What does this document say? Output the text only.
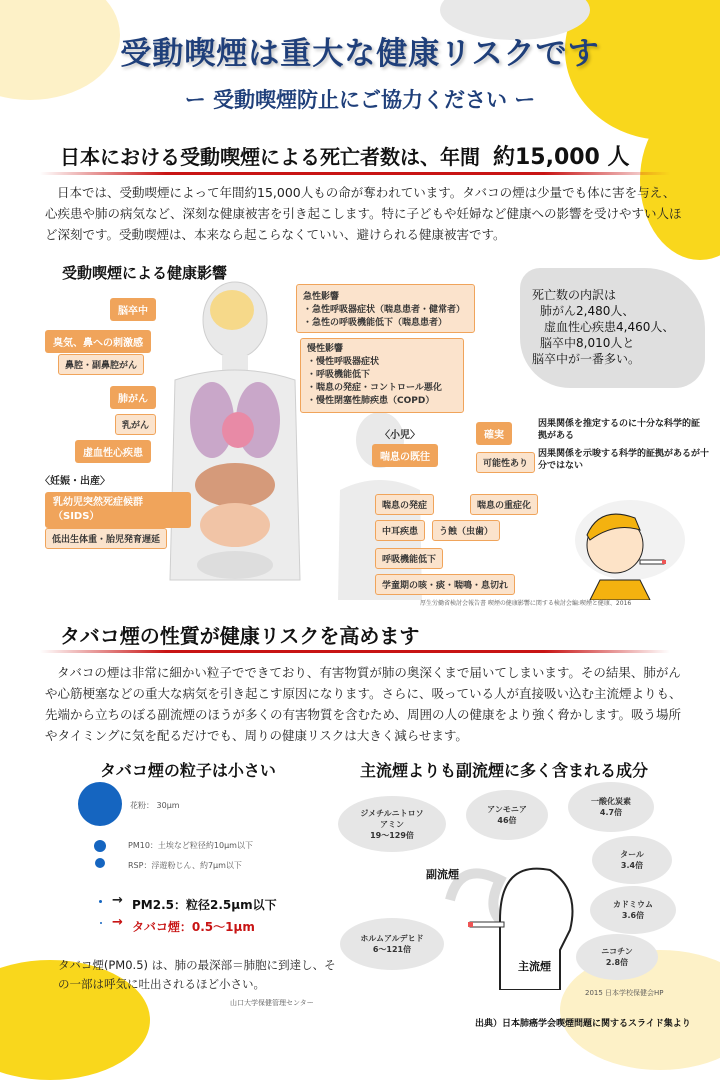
受動喫煙は重大な健康リスクです
ー 受動喫煙防止にご協力ください ー
日本における受動喫煙による死亡者数は、年間 約15,000 人
日本では、受動喫煙によって年間約15,000人もの命が奪われています。タバコの煙は少量でも体に害を与え、心疾患や肺の病気など、深刻な健康被害を引き起こします。特に子どもや妊婦など健康への影響を受けやすい人ほど深刻です。受動喫煙は、本来なら起こらなくていい、避けられる健康被害です。
受動喫煙による健康影響
脳卒中
臭気、鼻への刺激感
鼻腔・副鼻腔がん
肺がん
乳がん
虚血性心疾患
〈妊娠・出産〉
乳幼児突然死症候群（SIDS）
低出生体重・胎児発育遅延
急性影響
・急性呼吸器症状（喘息患者・健常者）
・急性の呼吸機能低下（喘息患者）
慢性影響
・慢性呼吸器症状
・呼吸機能低下
・喘息の発症・コントロール悪化
・慢性閉塞性肺疾患（COPD）
〈小児〉
喘息の既往
喘息の発症	喘息の重症化
中耳疾患	う蝕（虫歯）
呼吸機能低下
学童期の咳・痰・喘鳴・息切れ
確実
因果関係を推定するのに十分な科学的証拠がある
可能性あり
因果関係を示唆する科学的証拠があるが十分ではない
死亡数の内訳は
肺がん2,480人、
虚血性心疾患4,460人、
脳卒中8,010人と
脳卒中が一番多い。
厚生労働省検討会報告書 喫煙の健康影響に関する検討会編:喫煙と健康、2016
タバコ煙の性質が健康リスクを高めます
タバコの煙は非常に細かい粒子でできており、有害物質が肺の奥深くまで届いてしまいます。その結果、肺がんや心筋梗塞などの重大な病気を引き起こす原因になります。さらに、吸っている人が直接吸い込む主流煙よりも、先端から立ちのぼる副流煙のほうが多くの有害物質を含むため、周囲の人の健康をより強く脅かします。吸う場所やタイミングに気を配るだけでも、周りの健康リスクは大きく減らせます。
タバコ煙の粒子は小さい
花粉： 30μm
PM10：土埃など粒径約10μm以下
RSP：浮遊粉じん、約7μm以下
→ PM2.5：粒径2.5μm以下
→ タバコ煙：0.5〜1μm
タバコ煙(PM0.5) は、肺の最深部＝肺胞に到達し、その一部は呼気に吐出されるほど小さい。
山口大学保健管理センター
主流煙よりも副流煙に多く含まれる成分
ジメチルニトロソアミン
19〜129倍
アンモニア
46倍
一酸化炭素
4.7倍
タール
3.4倍
カドミウム
3.6倍
ニコチン
2.8倍
ホルムアルデヒド
6〜121倍
副流煙
主流煙
2015 日本学校保健会HP
出典）日本肺癌学会喫煙問題に関するスライド集より
